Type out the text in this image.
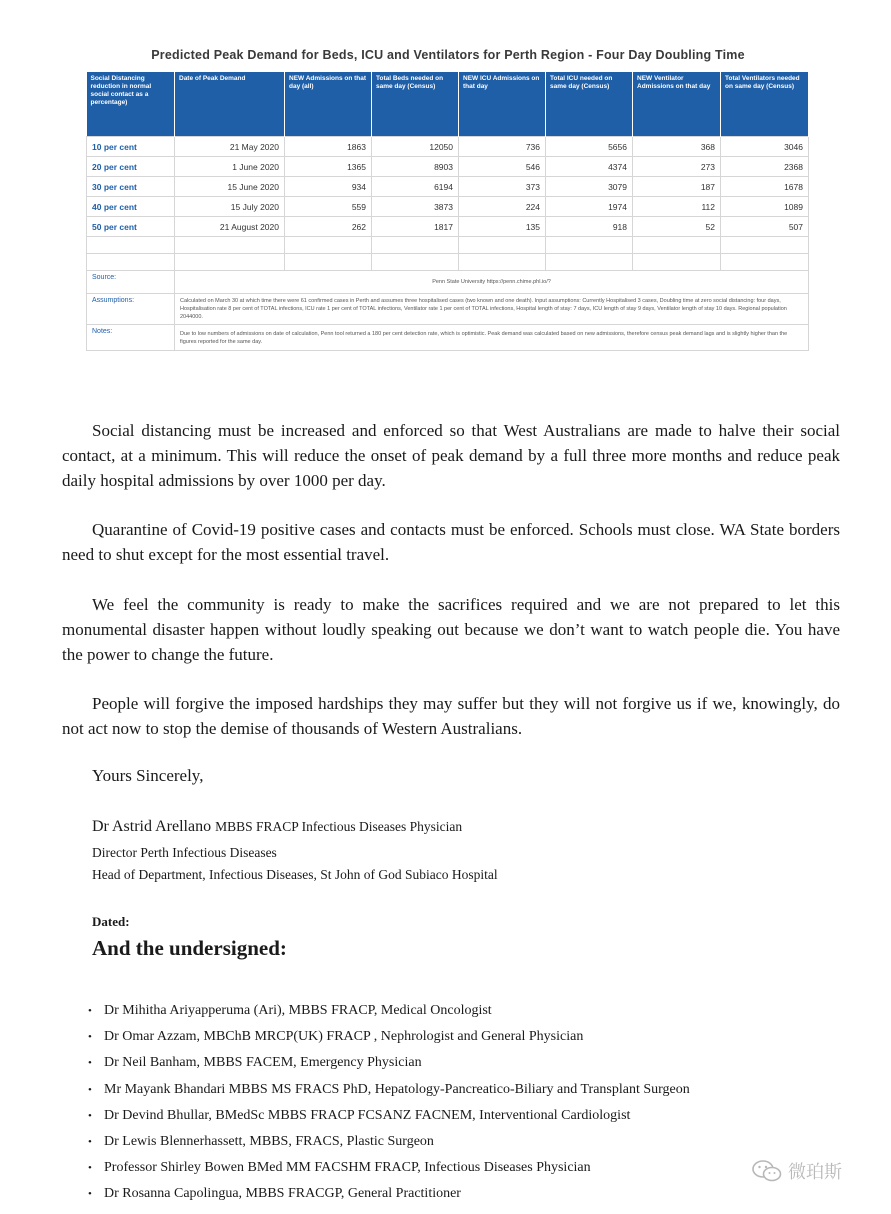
Predicted Peak Demand for Beds, ICU and Ventilators for Perth Region - Four Day Doubling Time
Social Distancing reduction in normal social contact as a percentage)	Date of Peak Demand	NEW Admissions on that day (all)	Total Beds needed on same day (Census)	NEW ICU Admissions on that day	Total ICU needed on same day (Census)	NEW Ventilator Admissions on that day	Total Ventilators needed on same day (Census)
10 per cent	21 May 2020	1863	12050	736	5656	368	3046
20 per cent	1 June 2020	1365	8903	546	4374	273	2368
30 per cent	15 June 2020	934	6194	373	3079	187	1678
40 per cent	15 July 2020	559	3873	224	1974	112	1089
50 per cent	21 August 2020	262	1817	135	918	52	507

Source:	Penn State University https://penn.chime.phl.io/?						
Assumptions:	Calculated on March 30 at which time there were 61 confirmed cases in Perth and assumes three hospitalised cases (two known and one death). Input assumptions: Currently Hospitalised 3 cases, Doubling time at zero social distancing: four days, Hospitalisation rate 8 per cent of TOTAL infections, ICU rate 1 per cent of TOTAL infections, Ventilator rate 1 per cent of TOTAL infections, Hospital length of stay: 7 days, ICU length of stay 9 days, Ventilator length of stay 10 days. Regional population 2044000.						
Notes:	Due to low numbers of admissions on date of calculation, Penn tool returned a 180 per cent detection rate, which is optimistic. Peak demand was calculated based on new admissions, therefore census peak demand lags and is slightly higher than the figures reported for the same day.						

Social distancing must be increased and enforced so that West Australians are made to halve their social contact, at a minimum. This will reduce the onset of peak demand by a full three more months and reduce peak daily hospital admissions by over 1000 per day.

Quarantine of Covid-19 positive cases and contacts must be enforced. Schools must close. WA State borders need to shut except for the most essential travel.

We feel the community is ready to make the sacrifices required and we are not prepared to let this monumental disaster happen without loudly speaking out because we don’t want to watch people die. You have the power to change the future.

People will forgive the imposed hardships they may suffer but they will not forgive us if we, knowingly, do not act now to stop the demise of thousands of Western Australians.

Yours Sincerely,
Dr Astrid Arellano MBBS FRACP Infectious Diseases Physician
Director Perth Infectious Diseases
Head of Department, Infectious Diseases, St John of God Subiaco Hospital
Dated:
And the undersigned:
• Dr Mihitha Ariyapperuma (Ari), MBBS FRACP, Medical Oncologist
• Dr Omar Azzam, MBChB MRCP(UK) FRACP , Nephrologist and General Physician
• Dr Neil Banham, MBBS FACEM, Emergency Physician
• Mr Mayank Bhandari MBBS MS FRACS PhD, Hepatology-Pancreatico-Biliary and Transplant Surgeon
• Dr Devind Bhullar, BMedSc MBBS FRACP FCSANZ FACNEM, Interventional Cardiologist
• Dr Lewis Blennerhassett, MBBS, FRACS, Plastic Surgeon
• Professor Shirley Bowen BMed MM FACSHM FRACP, Infectious Diseases Physician
• Dr Rosanna Capolingua, MBBS FRACGP, General Practitioner
微珀斯
